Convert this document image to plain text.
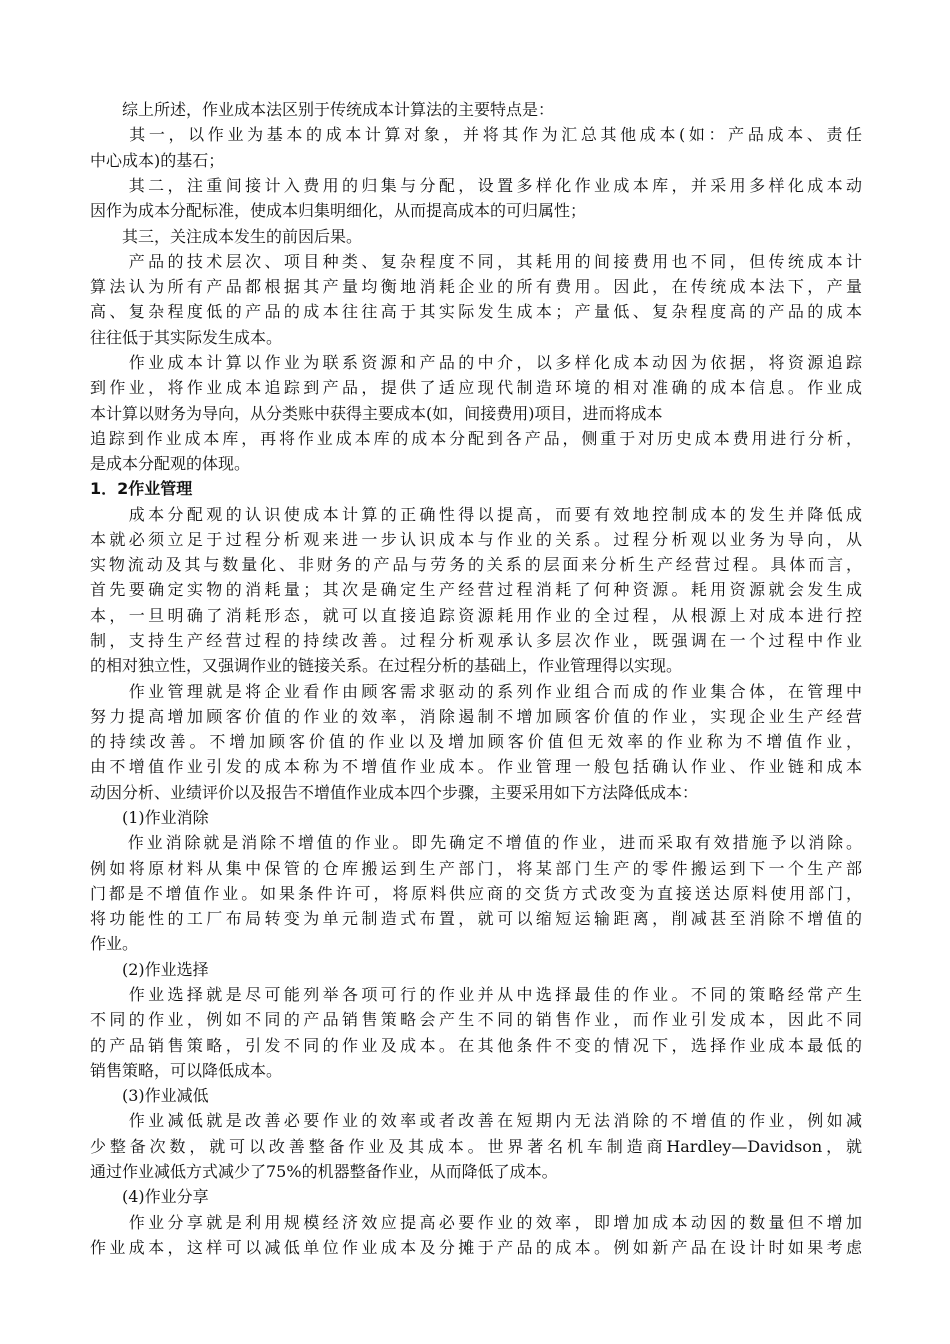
　　综上所述，作业成本法区别于传统成本计算法的主要特点是：

　　其一，以作业为基本的成本计算对象，并将其作为汇总其他成本(如：产品成本、责任

中心成本)的基石；

　　其二，注重间接计入费用的归集与分配，设置多样化作业成本库，并采用多样化成本动

因作为成本分配标准，使成本归集明细化，从而提高成本的可归属性；

　　其三，关注成本发生的前因后果。

　　产品的技术层次、项目种类、复杂程度不同，其耗用的间接费用也不同，但传统成本计

算法认为所有产品都根据其产量均衡地消耗企业的所有费用。因此，在传统成本法下，产量

高、复杂程度低的产品的成本往往高于其实际发生成本；产量低、复杂程度高的产品的成本

往往低于其实际发生成本。

　　作业成本计算以作业为联系资源和产品的中介，以多样化成本动因为依据，将资源追踪

到作业，将作业成本追踪到产品，提供了适应现代制造环境的相对准确的成本信息。作业成

本计算以财务为导向，从分类账中获得主要成本(如，间接费用)项目，进而将成本

追踪到作业成本库，再将作业成本库的成本分配到各产品，侧重于对历史成本费用进行分析，

是成本分配观的体现。

1．2作业管理

　　成本分配观的认识使成本计算的正确性得以提高，而要有效地控制成本的发生并降低成

本就必须立足于过程分析观来进一步认识成本与作业的关系。过程分析观以业务为导向，从

实物流动及其与数量化、非财务的产品与劳务的关系的层面来分析生产经营过程。具体而言，

首先要确定实物的消耗量；其次是确定生产经营过程消耗了何种资源。耗用资源就会发生成

本，一旦明确了消耗形态，就可以直接追踪资源耗用作业的全过程，从根源上对成本进行控

制，支持生产经营过程的持续改善。过程分析观承认多层次作业，既强调在一个过程中作业

的相对独立性，又强调作业的链接关系。在过程分析的基础上，作业管理得以实现。

　　作业管理就是将企业看作由顾客需求驱动的系列作业组合而成的作业集合体，在管理中

努力提高增加顾客价值的作业的效率，消除遏制不增加顾客价值的作业，实现企业生产经营

的持续改善。不增加顾客价值的作业以及增加顾客价值但无效率的作业称为不增值作业，

由不增值作业引发的成本称为不增值作业成本。作业管理一般包括确认作业、作业链和成本

动因分析、业绩评价以及报告不增值作业成本四个步骤，主要采用如下方法降低成本：

　　(1)作业消除

　　作业消除就是消除不增值的作业。即先确定不增值的作业，进而采取有效措施予以消除。

例如将原材料从集中保管的仓库搬运到生产部门，将某部门生产的零件搬运到下一个生产部

门都是不增值作业。如果条件许可，将原料供应商的交货方式改变为直接送达原料使用部门，

将功能性的工厂布局转变为单元制造式布置，就可以缩短运输距离，削减甚至消除不增值的

作业。

　　(2)作业选择

　　作业选择就是尽可能列举各项可行的作业并从中选择最佳的作业。不同的策略经常产生

不同的作业，例如不同的产品销售策略会产生不同的销售作业，而作业引发成本，因此不同

的产品销售策略，引发不同的作业及成本。在其他条件不变的情况下，选择作业成本最低的

销售策略，可以降低成本。

　　(3)作业减低

　　作业减低就是改善必要作业的效率或者改善在短期内无法消除的不增值的作业，例如减

少整备次数，就可以改善整备作业及其成本。世界著名机车制造商Hardley—Davidson，就

通过作业减低方式减少了75%的机器整备作业，从而降低了成本。

　　(4)作业分享

　　作业分享就是利用规模经济效应提高必要作业的效率，即增加成本动因的数量但不增加

作业成本，这样可以减低单位作业成本及分摊于产品的成本。例如新产品在设计时如果考虑
